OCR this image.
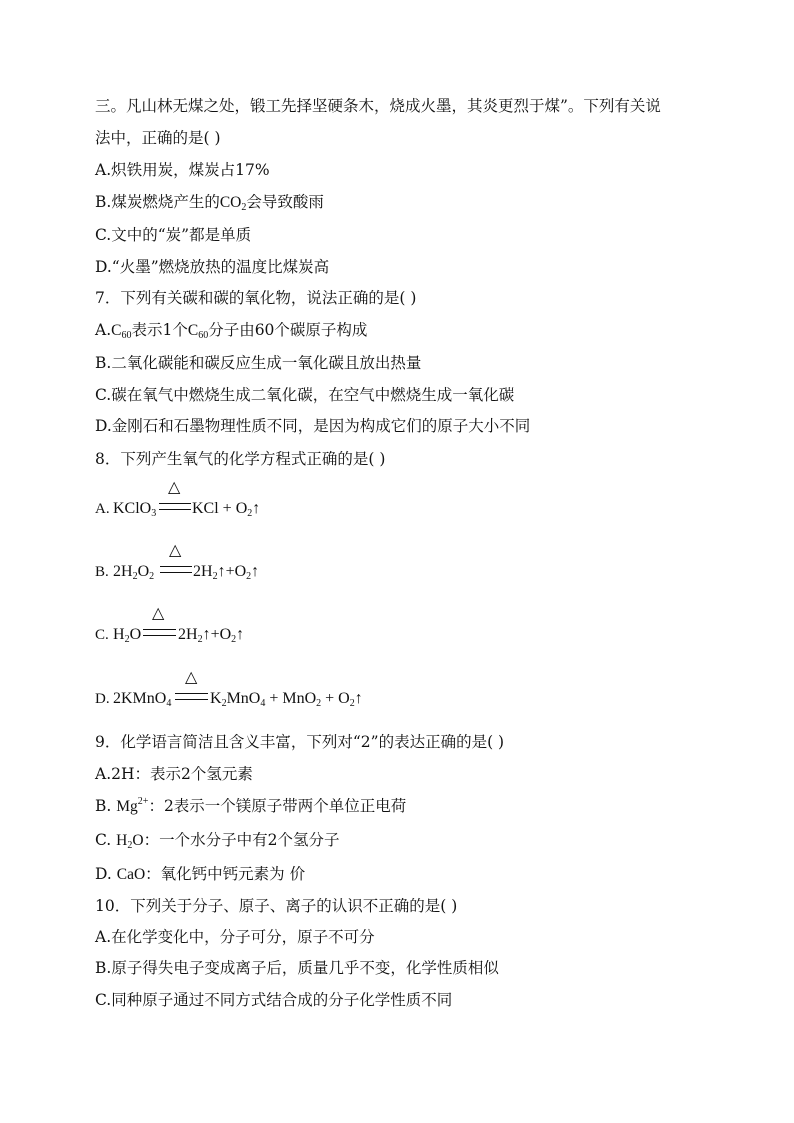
三。凡山林无煤之处，锻工先择坚硬条木，烧成火墨，其炎更烈于煤”。下列有关说
法中，正确的是( )
A.炽铁用炭，煤炭占17%
B.煤炭燃烧产生的$CO_2$会导致酸雨
C.文中的“炭”都是单质
D.“火墨”燃烧放热的温度比煤炭高
7．下列有关碳和碳的氧化物，说法正确的是( )
$A.C_{60}$表示1个$C_{60}$分子由60个碳原子构成
B.二氧化碳能和碳反应生成一氧化碳且放出热量
C.碳在氧气中燃烧生成二氧化碳，在空气中燃烧生成一氧化碳
D.金刚石和石墨物理性质不同，是因为构成它们的原子大小不同
8．下列产生氧气的化学方程式正确的是( )
A. KClO$_3$
△
KCl + $O_2↑$
B. $2H_2O_2$
△
$2H_2↑+O_2↑$
C. $H_2O$
△
$2H_2↑+O_2↑$
D. 2KMnO$_4$
△
$K_2MnO_4 + MnO_2$ + $O_2↑$
9．化学语言简洁且含义丰富，下列对“2”的表达正确的是( )
A.2H：表示2个氢元素
B. $Mg^{2+}$：2表示一个镁原子带两个单位正电荷
C. $H_2O$：一个水分子中有2个氢分子
D. CaO：氧化钙中钙元素为 价
10．下列关于分子、原子、离子的认识不正确的是( )
A.在化学变化中，分子可分，原子不可分
B.原子得失电子变成离子后，质量几乎不变，化学性质相似
C.同种原子通过不同方式结合成的分子化学性质不同
